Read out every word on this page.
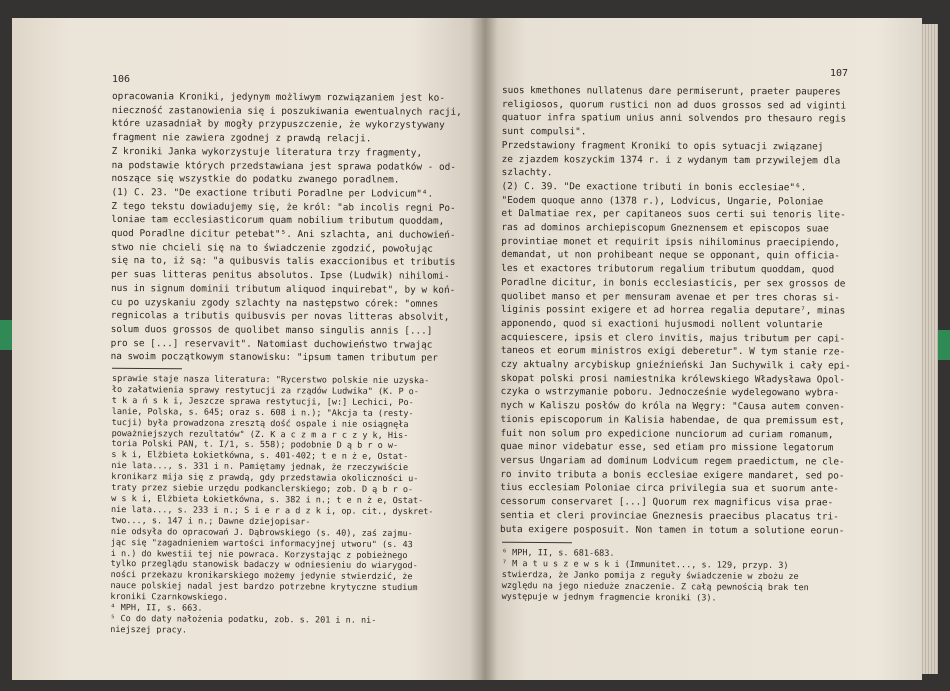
106

opracowania Kroniki, jedynym możliwym rozwiązaniem jest ko-

nieczność zastanowienia się i poszukiwania ewentualnych racji,

które uzasadniał by mogły przypuszczenie, że wykorzystywany

fragment nie zawiera zgodnej z prawdą relacji.

Z kroniki Janka wykorzystuje literatura trzy fragmenty,

na podstawie których przedstawiana jest sprawa podatków - od-

noszące się wszystkie do podatku zwanego poradlnem.

(1) C. 23. "De exactione tributi Poradlne per Lodvicum"⁴.

Z tego tekstu dowiadujemy się, że król: "ab incolis regni Po-

loniae tam ecclesiasticorum quam nobilium tributum quoddam,

quod Poradlne dicitur petebat"⁵. Ani szlachta, ani duchowień-

stwo nie chcieli się na to świadczenie zgodzić, powołując

się na to, iż są: "a quibusvis talis exaccionibus et tributis

per suas litteras penitus absolutos. Ipse (Ludwik) nihilomi-

nus in signum dominii tributum aliquod inquirebat", by w koń-

cu po uzyskaniu zgody szlachty na następstwo córek: "omnes

regnicolas a tributis quibusvis per novas litteras absolvit,

solum duos grossos de quolibet manso singulis annis [...]

pro se [...] reservavit". Natomiast duchowieństwo trwając

na swoim początkowym stanowisku: "ipsum tamen tributum per

sprawie staje nasza literatura: "Rycerstwo polskie nie uzyska-

ło załatwienia sprawy restytucji za rządów Ludwika" (K. P o-

t k a ń s k i, Jeszcze sprawa restytucji, [w:] Lechici, Po-

lanie, Polska, s. 645; oraz s. 608 i n.); "Akcja ta (resty-

tucji) była prowadzona zresztą dość ospale i nie osiągnęła

poważniejszych rezultatów" (Z. K a c z m a r c z y k, His-

toria Polski PAN, t. I/1, s. 558); podobnie D ą b r o w-

s k i, Elżbieta Łokietkówna, s. 401-402; t e n ż e, Ostat-

nie lata..., s. 331 i n. Pamiętamy jednak, że rzeczywiście

kronikarz mija się z prawdą, gdy przedstawia okoliczności u-

traty przez siebie urzędu podkanclerskiego; zob. D ą b r o-

w s k i, Elżbieta Łokietkówna, s. 382 i n.; t e n ż e, Ostat-

nie lata..., s. 233 i n.; S i e r a d z k i, op. cit., dyskret-

two..., s. 147 i n.; Dawne dziejopisar-

nie odsyła do opracowań J. Dąbrowskiego (s. 40), zaś zajmu-

jąc się "zagadnieniem wartości informacyjnej utworu" (s. 43

i n.) do kwestii tej nie powraca. Korzystając z pobieżnego

tylko przeglądu stanowisk badaczy w odniesieniu do wiarygod-

ności przekazu kronikarskiego możemy jedynie stwierdzić, że

nauce polskiej nadal jest bardzo potrzebne krytyczne studium

kroniki Czarnkowskiego.

⁴ MPH, II, s. 663.

⁵ Co do daty nałożenia podatku, zob. s. 201 i n. ni-

niejszej pracy.

107

suos kmethones nullatenus dare permiserunt, praeter pauperes

religiosos, quorum rustici non ad duos grossos sed ad viginti

quatuor infra spatium unius anni solvendos pro thesauro regis

sunt compulsi".

Przedstawiony fragment Kroniki to opis sytuacji związanej

ze zjazdem koszyckim 1374 r. i z wydanym tam przywilejem dla

szlachty.

(2) C. 39. "De exactione tributi in bonis ecclesiae"⁶.

"Eodem quoque anno (1378 r.), Lodvicus, Ungarie, Poloniae

et Dalmatiae rex, per capitaneos suos certi sui tenoris lite-

ras ad dominos archiepiscopum Gneznensem et episcopos suae

provintiae monet et requirit ipsis nihilominus praecipiendo,

demandat, ut non prohibeant neque se opponant, quin officia-

les et exactores tributorum regalium tributum quoddam, quod

Poradlne dicitur, in bonis ecclesiasticis, per sex grossos de

quolibet manso et per mensuram avenae et per tres choras si-

liginis possint exigere et ad horrea regalia deputare⁷, minas

apponendo, quod si exactioni hujusmodi nollent voluntarie

acquiescere, ipsis et clero invitis, majus tributum per capi-

taneos et eorum ministros exigi deberetur". W tym stanie rze-

czy aktualny arcybiskup gnieźnieński Jan Suchywilk i cały epi-

skopat polski prosi namiestnika królewskiego Władysława Opol-

czyka o wstrzymanie poboru. Jednocześnie wydelegowano wybra-

nych w Kaliszu posłów do króla na Węgry: "Causa autem conven-

tionis episcoporum in Kalisia habendae, de qua premissum est,

fuit non solum pro expedicione nunciorum ad curiam romanum,

quae minor videbatur esse, sed etiam pro missione legatorum

versus Ungariam ad dominum Lodvicum regem praedictum, ne cle-

ro invito tributa a bonis ecclesiae exigere mandaret, sed po-

tius ecclesiam Poloniae circa privilegia sua et suorum ante-

cessorum conservaret [...] Quorum rex magnificus visa prae-

sentia et cleri provinciae Gneznesis praecibus placatus tri-

buta exigere posposuit. Non tamen in totum a solutione eorun-

⁶ MPH, II, s. 681-683.

⁷ M a t u s z e w s k i (Immunitet..., s. 129, przyp. 3)

stwierdza, że Janko pomija z reguły świadczenie w zbożu ze

względu na jego nieduże znaczenie. Z całą pewnością brak ten

występuje w jednym fragmencie kroniki (3).
